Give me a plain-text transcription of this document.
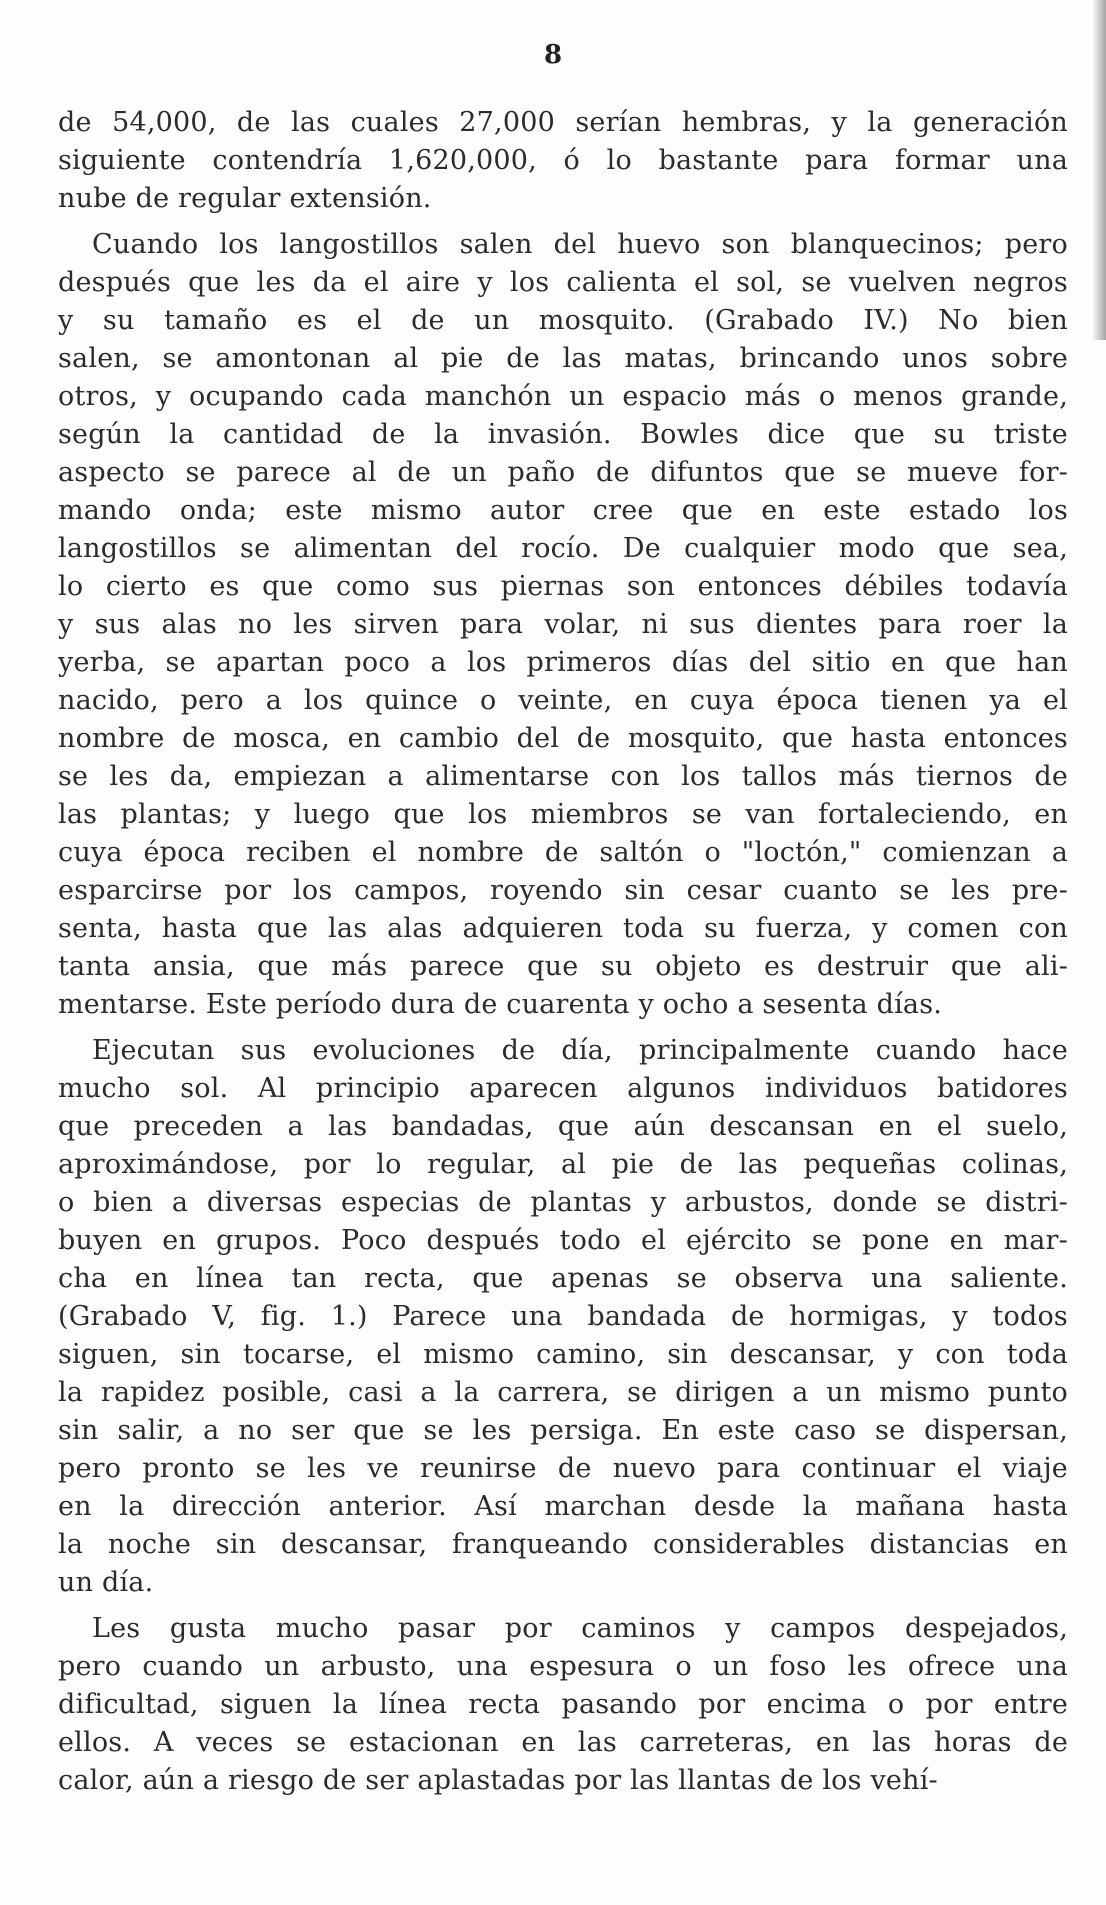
8
de 54,000, de las cuales 27,000 serían hembras, y la generación
siguiente contendría 1,620,000, ó lo bastante para formar una
nube de regular extensión.
Cuando los langostillos salen del huevo son blanquecinos; pero
después que les da el aire y los calienta el sol, se vuelven negros
y su tamaño es el de un mosquito. (Grabado IV.) No bien
salen, se amontonan al pie de las matas, brincando unos sobre
otros, y ocupando cada manchón un espacio más o menos grande,
según la cantidad de la invasión. Bowles dice que su triste
aspecto se parece al de un paño de difuntos que se mueve for-
mando onda; este mismo autor cree que en este estado los
langostillos se alimentan del rocío. De cualquier modo que sea,
lo cierto es que como sus piernas son entonces débiles todavía
y sus alas no les sirven para volar, ni sus dientes para roer la
yerba, se apartan poco a los primeros días del sitio en que han
nacido, pero a los quince o veinte, en cuya época tienen ya el
nombre de mosca, en cambio del de mosquito, que hasta entonces
se les da, empiezan a alimentarse con los tallos más tiernos de
las plantas; y luego que los miembros se van fortaleciendo, en
cuya época reciben el nombre de saltón o "loctón," comienzan a
esparcirse por los campos, royendo sin cesar cuanto se les pre-
senta, hasta que las alas adquieren toda su fuerza, y comen con
tanta ansia, que más parece que su objeto es destruir que ali-
mentarse. Este período dura de cuarenta y ocho a sesenta días.
Ejecutan sus evoluciones de día, principalmente cuando hace
mucho sol. Al principio aparecen algunos individuos batidores
que preceden a las bandadas, que aún descansan en el suelo,
aproximándose, por lo regular, al pie de las pequeñas colinas,
o bien a diversas especias de plantas y arbustos, donde se distri-
buyen en grupos. Poco después todo el ejército se pone en mar-
cha en línea tan recta, que apenas se observa una saliente.
(Grabado V, fig. 1.) Parece una bandada de hormigas, y todos
siguen, sin tocarse, el mismo camino, sin descansar, y con toda
la rapidez posible, casi a la carrera, se dirigen a un mismo punto
sin salir, a no ser que se les persiga. En este caso se dispersan,
pero pronto se les ve reunirse de nuevo para continuar el viaje
en la dirección anterior. Así marchan desde la mañana hasta
la noche sin descansar, franqueando considerables distancias en
un día.
Les gusta mucho pasar por caminos y campos despejados,
pero cuando un arbusto, una espesura o un foso les ofrece una
dificultad, siguen la línea recta pasando por encima o por entre
ellos. A veces se estacionan en las carreteras, en las horas de
calor, aún a riesgo de ser aplastadas por las llantas de los vehí-
